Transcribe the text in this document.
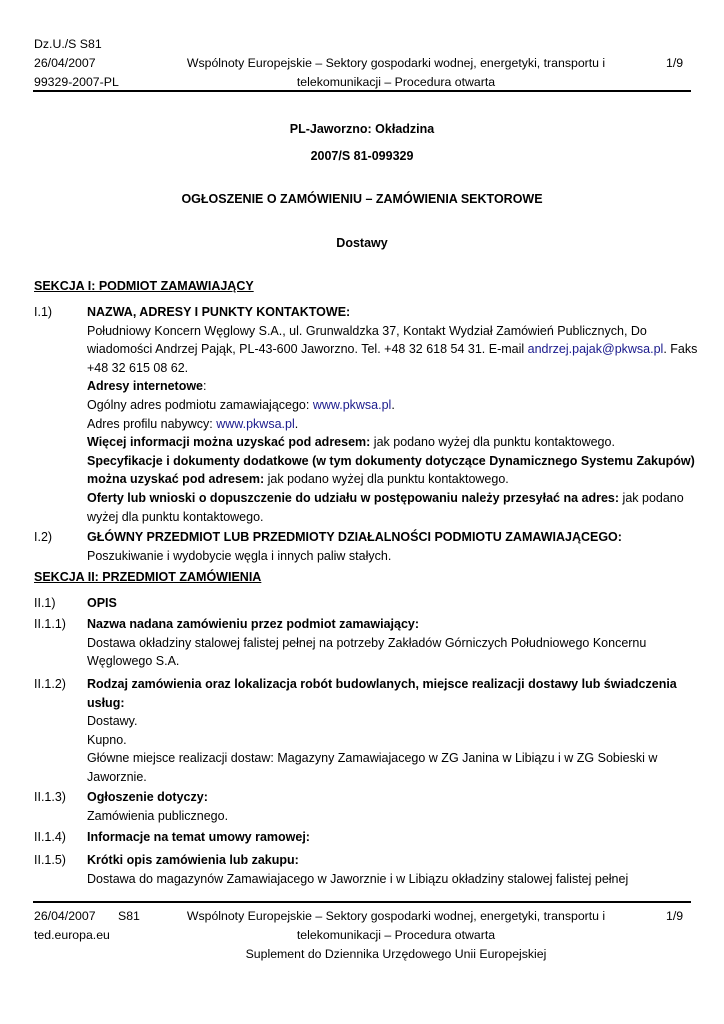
Dz.U./S S81
26/04/2007
99329-2007-PL
Wspólnoty Europejskie – Sektory gospodarki wodnej, energetyki, transportu i
telekomunikacji – Procedura otwarta
1/9
PL-Jaworzno: Okładzina
2007/S 81-099329
OGŁOSZENIE O ZAMÓWIENIU – ZAMÓWIENIA SEKTOROWE
Dostawy
SEKCJA I: PODMIOT ZAMAWIAJĄCY
I.1)	NAZWA, ADRESY I PUNKTY KONTAKTOWE:
Południowy Koncern Węglowy S.A., ul. Grunwaldzka 37, Kontakt Wydział Zamówień Publicznych, Do
wiadomości Andrzej Pająk, PL-43-600 Jaworzno. Tel. +48 32 618 54 31. E-mail andrzej.pajak@pkwsa.pl. Faks
+48 32 615 08 62.
Adresy internetowe:
Ogólny adres podmiotu zamawiającego: www.pkwsa.pl.
Adres profilu nabywcy: www.pkwsa.pl.
Więcej informacji można uzyskać pod adresem: jak podano wyżej dla punktu kontaktowego.
Specyfikacje i dokumenty dodatkowe (w tym dokumenty dotyczące Dynamicznego Systemu Zakupów)
można uzyskać pod adresem: jak podano wyżej dla punktu kontaktowego.
Oferty lub wnioski o dopuszczenie do udziału w postępowaniu należy przesyłać na adres: jak podano
wyżej dla punktu kontaktowego.
I.2)	GŁÓWNY PRZEDMIOT LUB PRZEDMIOTY DZIAŁALNOŚCI PODMIOTU ZAMAWIAJĄCEGO:
Poszukiwanie i wydobycie węgla i innych paliw stałych.
SEKCJA II: PRZEDMIOT ZAMÓWIENIA
II.1)	OPIS
II.1.1) Nazwa nadana zamówieniu przez podmiot zamawiający:
Dostawa okładziny stalowej falistej pełnej na potrzeby Zakładów Górniczych Południowego Koncernu
Węglowego S.A.
II.1.2) Rodzaj zamówienia oraz lokalizacja robót budowlanych, miejsce realizacji dostawy lub świadczenia
usług:
Dostawy.
Kupno.
Główne miejsce realizacji dostaw: Magazyny Zamawiajacego w ZG Janina w Libiązu i w ZG Sobieski w
Jaworznie.
II.1.3) Ogłoszenie dotyczy:
Zamówienia publicznego.
II.1.4) Informacje na temat umowy ramowej:
II.1.5) Krótki opis zamówienia lub zakupu:
Dostawa do magazynów Zamawiajacego w Jaworznie i w Libiązu okładziny stalowej falistej pełnej
26/04/2007 S81
ted.europa.eu
Wspólnoty Europejskie – Sektory gospodarki wodnej, energetyki, transportu i
telekomunikacji – Procedura otwarta
Suplement do Dziennika Urzędowego Unii Europejskiej
1/9
